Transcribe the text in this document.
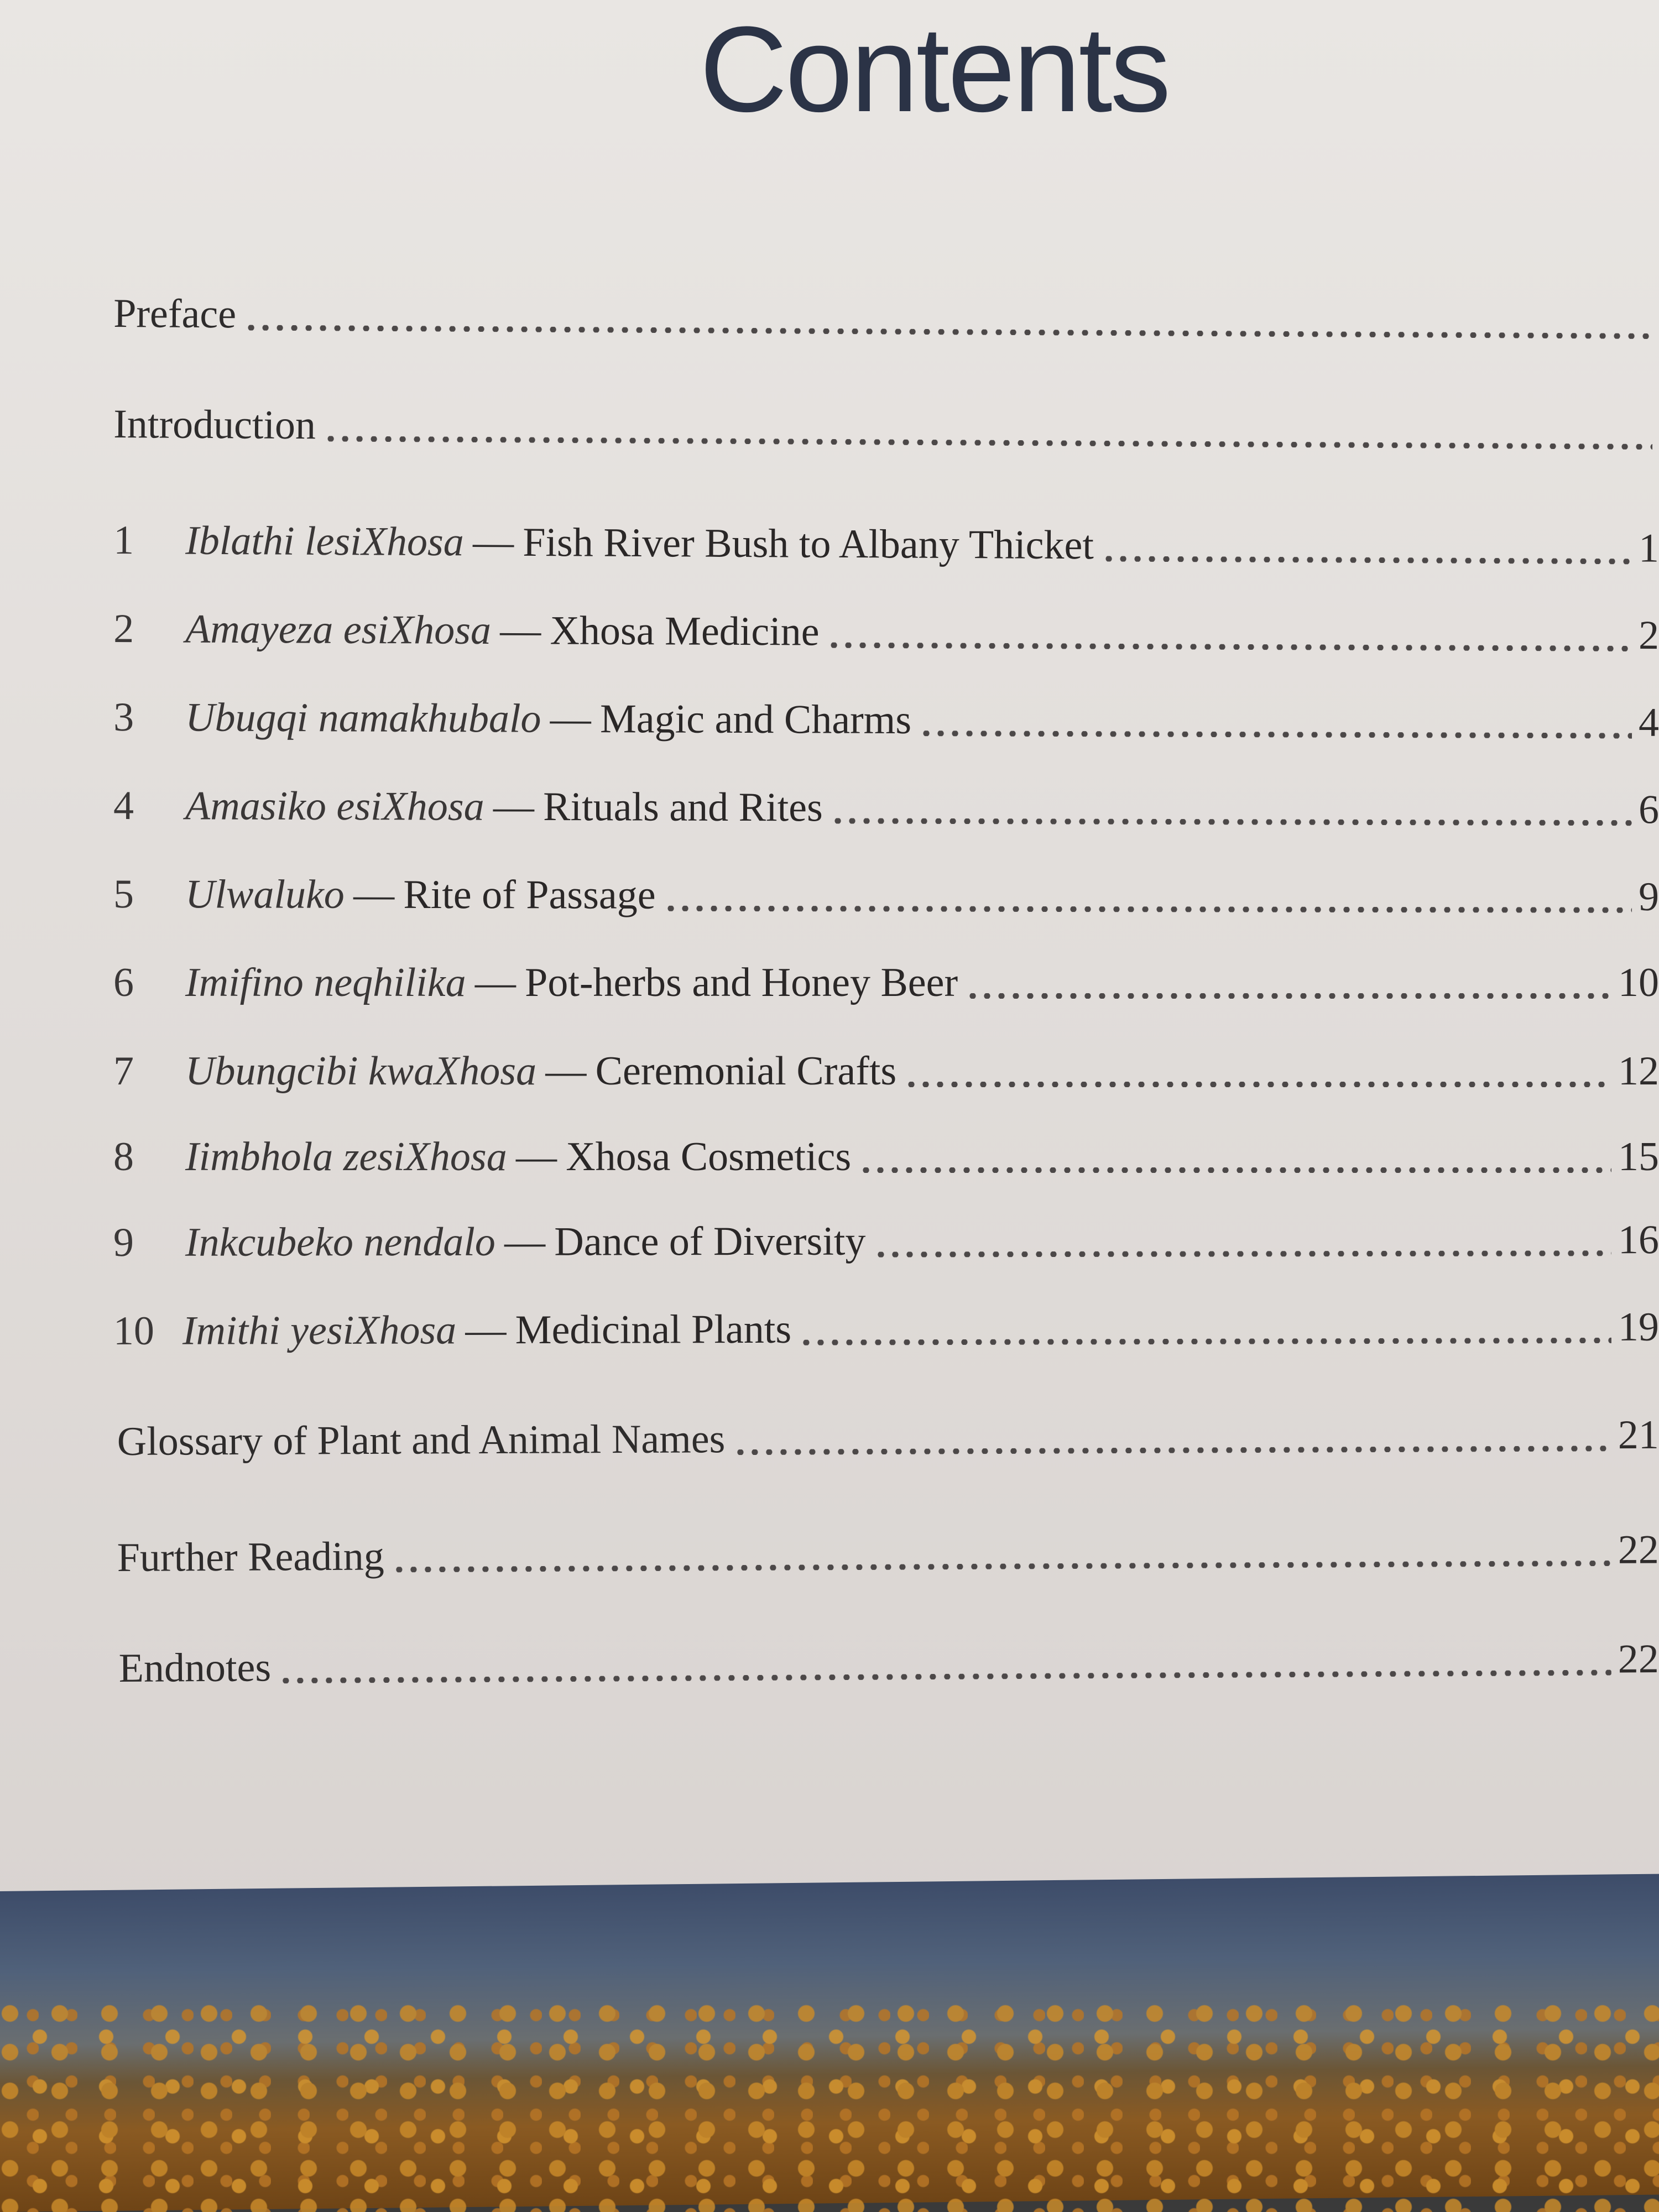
Contents
Preface
Introduction
1	Iblathi lesiXhosa — Fish River Bush to Albany Thicket	1
2	Amayeza esiXhosa — Xhosa Medicine	2
3	Ubugqi namakhubalo — Magic and Charms	4
4	Amasiko esiXhosa — Rituals and Rites	6
5	Ulwaluko — Rite of Passage	9
6	Imifino neqhilika — Pot-herbs and Honey Beer	10
7	Ubungcibi kwaXhosa — Ceremonial Crafts	12
8	Iimbhola zesiXhosa — Xhosa Cosmetics	15
9	Inkcubeko nendalo — Dance of Diversity	16
10 Imithi yesiXhosa — Medicinal Plants	19
Glossary of Plant and Animal Names	21
Further Reading	22
Endnotes	22
